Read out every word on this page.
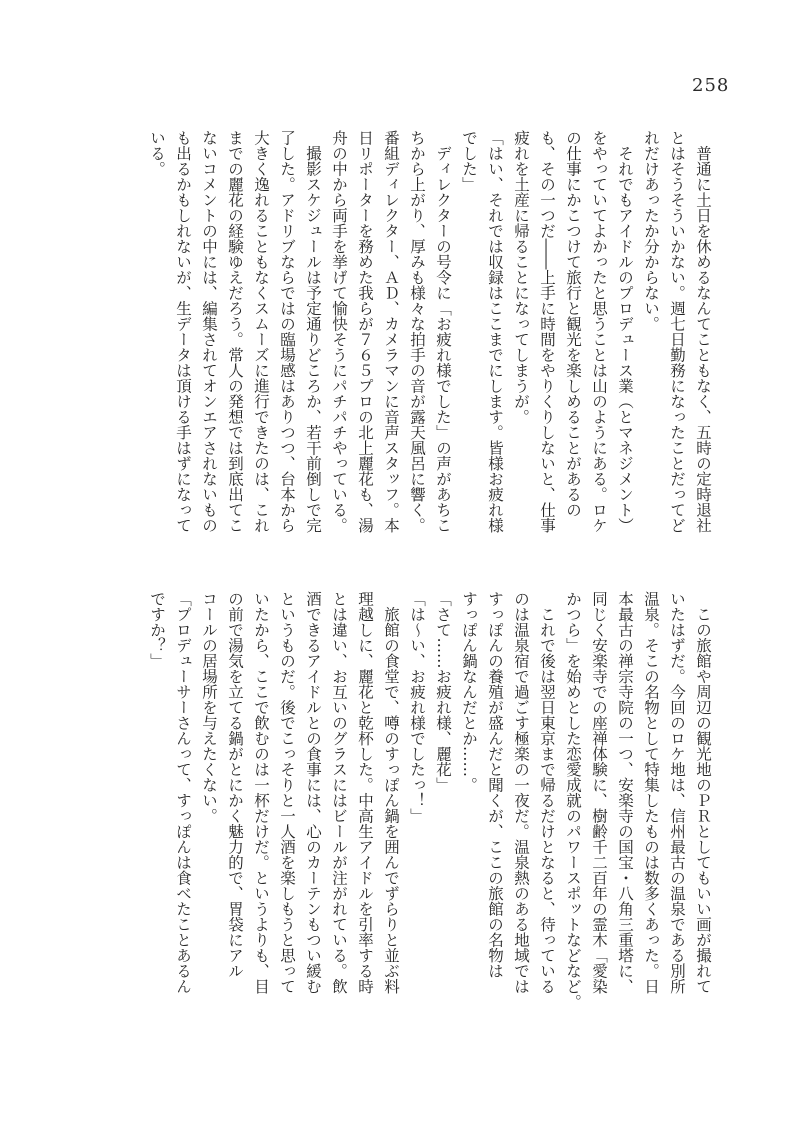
258
　普通に土日を休めるなんてこともなく、五時の定時退社
とはそうそういかない。週七日勤務になったことだってど
れだけあったか分からない。
　それでもアイドルのプロデュース業（とマネジメント）
をやっていてよかったと思うことは山のようにある。ロケ
の仕事にかこつけて旅行と観光を楽しめることがあるの
も、その一つだ――上手に時間をやりくりしないと、仕事
疲れを土産に帰ることになってしまうが。
「はい、それでは収録はここまでにします。皆様お疲れ様
でした」
　ディレクターの号令に「お疲れ様でした」の声があちこ
ちから上がり、厚みも様々な拍手の音が露天風呂に響く。
番組ディレクター、ＡＤ、カメラマンに音声スタッフ。本
日リポーターを務めた我らが７６５プロの北上麗花も、湯
舟の中から両手を挙げて愉快そうにパチパチやっている。
　撮影スケジュールは予定通りどころか、若干前倒しで完
了した。アドリブならではの臨場感はありつつ、台本から
大きく逸れることもなくスムーズに進行できたのは、これ
までの麗花の経験ゆえだろう。常人の発想では到底出てこ
ないコメントの中には、編集されてオンエアされないもの
も出るかもしれないが、生データは頂ける手はずになって
いる。
　この旅館や周辺の観光地のＰＲとしてもいい画が撮れて
いたはずだ。今回のロケ地は、信州最古の温泉である別所
温泉。そこの名物として特集したものは数多くあった。日
本最古の禅宗寺院の一つ、安楽寺の国宝・八角三重塔に、
同じく安楽寺での座禅体験に、樹齢千二百年の霊木「愛染
かつら」を始めとした恋愛成就のパワースポットなどなど。
　これで後は翌日東京まで帰るだけとなると、待っている
のは温泉宿で過ごす極楽の一夜だ。温泉熱のある地域では
すっぽんの養殖が盛んだと聞くが、ここの旅館の名物は
すっぽん鍋なんだとか……。
「さて……お疲れ様、麗花」
「は〜い、お疲れ様でしたっ！」
　旅館の食堂で、噂のすっぽん鍋を囲んでずらりと並ぶ料
理越しに、麗花と乾杯した。中高生アイドルを引率する時
とは違い、お互いのグラスにはビールが注がれている。飲
酒できるアイドルとの食事には、心のカーテンもつい緩む
というものだ。後でこっそりと一人酒を楽しもうと思って
いたから、ここで飲むのは一杯だけだ。というよりも、目
の前で湯気を立てる鍋がとにかく魅力的で、胃袋にアル
コールの居場所を与えたくない。
「プロデューサーさんって、すっぽんは食べたことあるん
ですか？」
